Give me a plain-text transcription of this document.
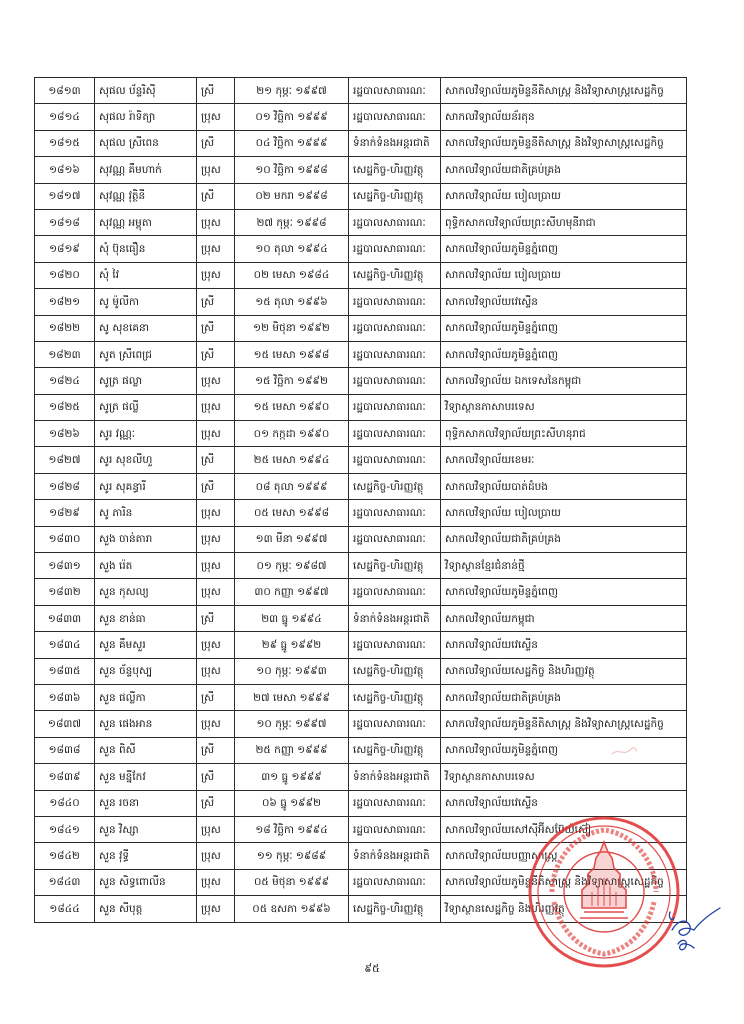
១៨១៣	សុផល ប័ន្ទរិស៊ី	ស្រី	២១ កុម្ភៈ ១៩៩៧	រដ្ឋបាលសាធារណៈ	សាកលវិទ្យាល័យភូមិន្ទនីតិសាស្ត្រ និងវិទ្យាសាស្ត្រសេដ្ឋកិច្ច
១៨១៤	សុផល រ៉ាទិត្យា	ប្រុស	០១ វិច្ឆិកា ១៩៩៩	រដ្ឋបាលសាធារណៈ	សាកលវិទ្យាល័យន័រតុន
១៨១៥	សុផល ស្រីពេន	ស្រី	០៤ វិច្ឆិកា ១៩៩៩	ទំនាក់ទំនងអន្តរជាតិ	សាកលវិទ្យាល័យភូមិន្ទនីតិសាស្ត្រ និងវិទ្យាសាស្ត្រសេដ្ឋកិច្ច
១៨១៦	សុវណ្ណ គឹមហាក់	ប្រុស	១០ វិច្ឆិកា ១៩៩៨	សេដ្ឋកិច្ច-ហិរញ្ញវត្ថុ	សាកលវិទ្យាល័យជាតិគ្រប់គ្រង
១៨១៧	សុវណ្ណ វុត្ថិនី	ស្រី	០២ មករា ១៩៩៨	សេដ្ឋកិច្ច-ហិរញ្ញវត្ថុ	សាកលវិទ្យាល័យ បៀលប្រាយ
១៨១៨	សុវណ្ណ អម្ពុតា	ប្រុស	២៧ កុម្ភៈ ១៩៩៨	រដ្ឋបាលសាធារណៈ	ពុទ្ធិកសាកលវិទ្យាល័យព្រះសីហមុនីរាជា
១៨១៩	សុំ ប៊ុនធឿន	ប្រុស	១០ តុលា ១៩៩៤	រដ្ឋបាលសាធារណៈ	សាកលវិទ្យាល័យភូមិន្ទភ្នំពេញ
១៨២០	សុំ វៃ	ប្រុស	០២ មេសា ១៩៨៤	សេដ្ឋកិច្ច-ហិរញ្ញវត្ថុ	សាកលវិទ្យាល័យ បៀលប្រាយ
១៨២១	សូ ម៉ូលីកា	ស្រី	១៥ តុលា ១៩៩៦	រដ្ឋបាលសាធារណៈ	សាកលវិទ្យាល័យវេស្ទើន
១៨២២	សូ សុខគេនា	ស្រី	១២ មិថុនា ១៩៩២	រដ្ឋបាលសាធារណៈ	សាកលវិទ្យាល័យភូមិន្ទភ្នំពេញ
១៨២៣	សូត ស្រីពេជ្រ	ស្រី	១៥ មេសា ១៩៩៨	រដ្ឋបាលសាធារណៈ	សាកលវិទ្យាល័យភូមិន្ទភ្នំពេញ
១៨២៤	សូត្រ ផល្លា	ប្រុស	១៥ វិច្ឆិកា ១៩៩២	រដ្ឋបាលសាធារណៈ	សាកលវិទ្យាល័យ ឯកទេសនៃកម្ពុជា
១៨២៥	សូត្រ ផល្លី	ប្រុស	១៥ មេសា ១៩៩០	រដ្ឋបាលសាធារណៈ	វិទ្យាស្ថានភាសាបរទេស
១៨២៦	សូរ វណ្ណៈ	ប្រុស	០១ កក្កដា ១៩៩០	រដ្ឋបាលសាធារណៈ	ពុទ្ធិកសាកលវិទ្យាល័យព្រះសីហនុរាជ
១៨២៧	សូរ សុខលីហួ	ស្រី	២៥ មេសា ១៩៩៤	រដ្ឋបាលសាធារណៈ	សាកលវិទ្យាល័យខេមរៈ
១៨២៨	សូរ សុគន្ធារី	ស្រី	០៨ តុលា ១៩៩៩	សេដ្ឋកិច្ច-ហិរញ្ញវត្ថុ	សាកលវិទ្យាល័យបាត់ដំបង
១៨២៩	សូ ភារិន	ប្រុស	០៥ មេសា ១៩៩៨	រដ្ឋបាលសាធារណៈ	សាកលវិទ្យាល័យ បៀលប្រាយ
១៨៣០	សួង ចាន់តារា	ប្រុស	១៣ មីនា ១៩៩៧	រដ្ឋបាលសាធារណៈ	សាកលវិទ្យាល័យជាតិគ្រប់គ្រង
១៨៣១	សួង រ៉េត	ប្រុស	០១ កុម្ភៈ ១៩៨៧	សេដ្ឋកិច្ច-ហិរញ្ញវត្ថុ	វិទ្យាស្ថានខ្មែរជំនាន់ថ្មី
១៨៣២	សួន កុសល្យ	ប្រុស	៣០ កញ្ញា ១៩៩៧	រដ្ឋបាលសាធារណៈ	សាកលវិទ្យាល័យភូមិន្ទភ្នំពេញ
១៨៣៣	សួន ខាន់ធា	ស្រី	២៣ ធ្នូ ១៩៩៤	ទំនាក់ទំនងអន្តរជាតិ	សាកលវិទ្យាល័យកម្ពុជា
១៨៣៤	សួន គឹមសួរ	ប្រុស	២៩ ធ្នូ ១៩៩២	រដ្ឋបាលសាធារណៈ	សាកលវិទ្យាល័យវេស្ទើន
១៨៣៥	សួន ច័ន្ទបុស្ប	ប្រុស	១០ កុម្ភៈ ១៩៩៣	សេដ្ឋកិច្ច-ហិរញ្ញវត្ថុ	សាកលវិទ្យាល័យសេដ្ឋកិច្ច និងហិរញ្ញវត្ថុ
១៨៣៦	សួន ផល្លីកា	ស្រី	២៧ មេសា ១៩៩៩	សេដ្ឋកិច្ច-ហិរញ្ញវត្ថុ	សាកលវិទ្យាល័យជាតិគ្រប់គ្រង
១៨៣៧	សួន ផេងអាន	ប្រុស	១០ កុម្ភៈ ១៩៩៧	រដ្ឋបាលសាធារណៈ	សាកលវិទ្យាល័យភូមិន្ទនីតិសាស្ត្រ និងវិទ្យាសាស្ត្រសេដ្ឋកិច្ច
១៨៣៨	សួន ពិសី	ស្រី	២៥ កញ្ញា ១៩៩៩	សេដ្ឋកិច្ច-ហិរញ្ញវត្ថុ	សាកលវិទ្យាល័យភូមិន្ទភ្នំពេញ
១៨៣៩	សួន មន្នីកែវ	ស្រី	៣១ ធ្នូ ១៩៩៩	ទំនាក់ទំនងអន្តរជាតិ	វិទ្យាស្ថានភាសាបរទេស
១៨៤០	សួន រចនា	ស្រី	០៦ ធ្នូ ១៩៩២	រដ្ឋបាលសាធារណៈ	សាកលវិទ្យាល័យវេស្ទើន
១៨៤១	សួន វិស្សា	ប្រុស	១៨ វិច្ឆិកា ១៩៩៤	រដ្ឋបាលសាធារណៈ	សាកលវិទ្យាល័យសៅស៊ីអ៊ីសប៊ែយ៉ស៊ៀ
១៨៤២	សួន វុទ្ធី	ប្រុស	១១ កុម្ភៈ ១៩៨៩	ទំនាក់ទំនងអន្តរជាតិ	សាកលវិទ្យាល័យបញ្ញាសាស្ត្រ
១៨៤៣	សួន សិទ្ធពោលីន	ប្រុស	០៥ មិថុនា ១៩៩៩	រដ្ឋបាលសាធារណៈ	សាកលវិទ្យាល័យភូមិន្ទនីតិសាស្ត្រ និងវិទ្យាសាស្ត្រសេដ្ឋកិច្ច
១៨៤៤	សួន សីបុត្ត	ប្រុស	០៥ ឧសភា ១៩៩៦	សេដ្ឋកិច្ច-ហិរញ្ញវត្ថុ	វិទ្យាស្ថានសេដ្ឋកិច្ច និងហិរញ្ញវត្ថុ
៩៥
